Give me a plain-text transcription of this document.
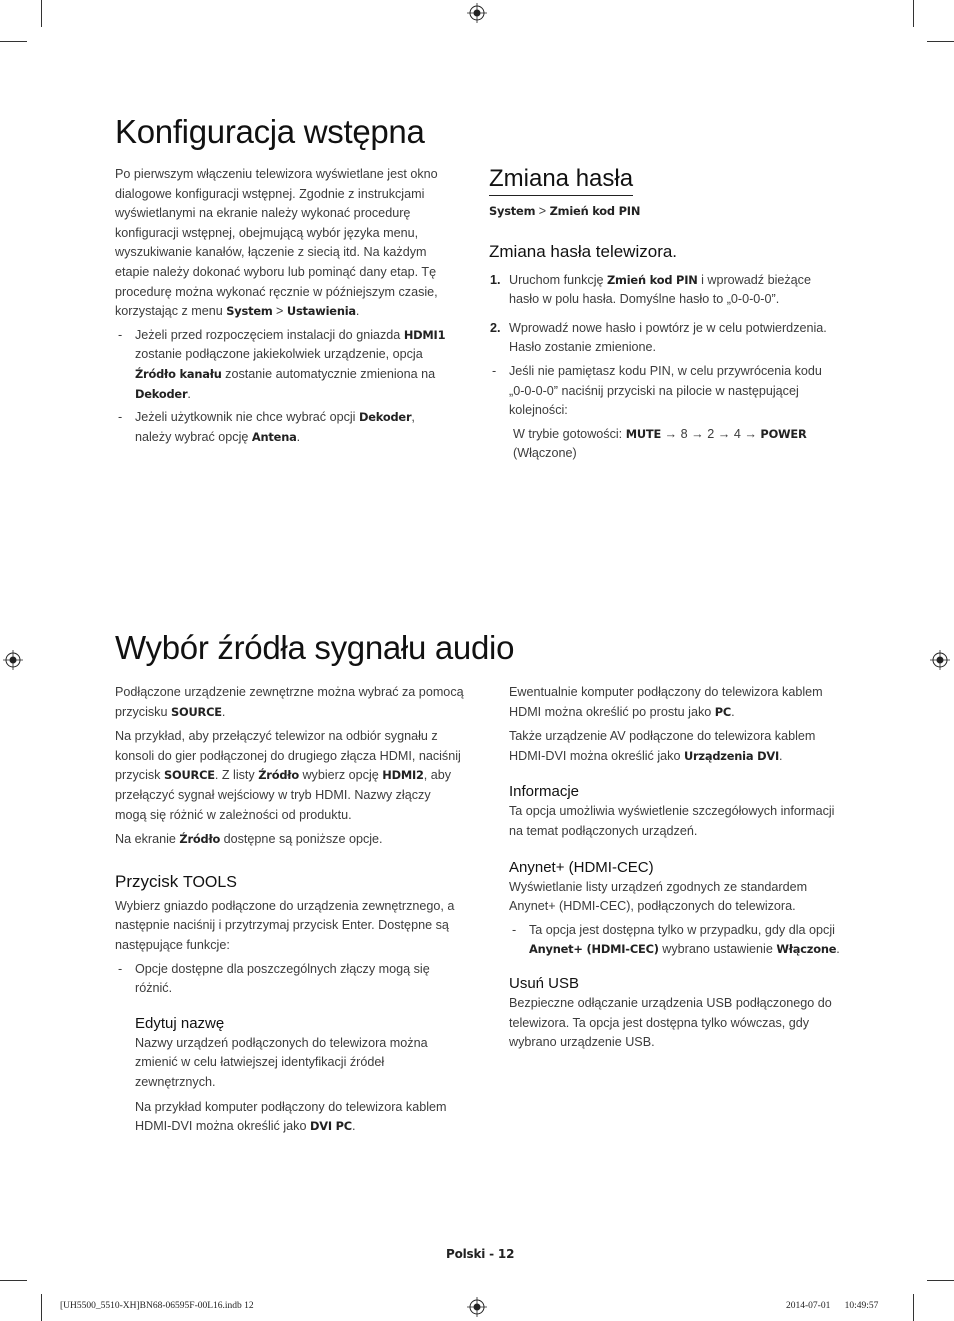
Konfiguracja wstępna

Po pierwszym włączeniu telewizora wyświetlane jest okno dialogowe konfiguracji wstępnej. Zgodnie z instrukcjami wyświetlanymi na ekranie należy wykonać procedurę konfiguracji wstępnej, obejmującą wybór języka menu, wyszukiwanie kanałów, łączenie z siecią itd. Na każdym etapie należy dokonać wyboru lub pominąć dany etap. Tę procedurę można wykonać ręcznie w późniejszym czasie, korzystając z menu System > Ustawienia.

- Jeżeli przed rozpoczęciem instalacji do gniazda HDMI1 zostanie podłączone jakiekolwiek urządzenie, opcja Źródło kanału zostanie automatycznie zmieniona na Dekoder.

- Jeżeli użytkownik nie chce wybrać opcji Dekoder, należy wybrać opcję Antena.

Zmiana hasła

System > Zmień kod PIN

Zmiana hasła telewizora.
1. Uruchom funkcję Zmień kod PIN i wprowadź bieżące hasło w polu hasła. Domyślne hasło to „0-0-0-0”.

2. Wprowadź nowe hasło i powtórz je w celu potwierdzenia. Hasło zostanie zmienione.

- Jeśli nie pamiętasz kodu PIN, w celu przywrócenia kodu „0-0-0-0” naciśnij przyciski na pilocie w następującej kolejności:

W trybie gotowości: MUTE → 8 → 2 → 4 → POWER (Włączone)

Wybór źródła sygnału audio

Podłączone urządzenie zewnętrzne można wybrać za pomocą przycisku SOURCE.

Na przykład, aby przełączyć telewizor na odbiór sygnału z konsoli do gier podłączonej do drugiego złącza HDMI, naciśnij przycisk SOURCE. Z listy Źródło wybierz opcję HDMI2, aby przełączyć sygnał wejściowy w tryb HDMI. Nazwy złączy mogą się różnić w zależności od produktu.

Na ekranie Źródło dostępne są poniższe opcje.

Przycisk TOOLS

Wybierz gniazdo podłączone do urządzenia zewnętrznego, a następnie naciśnij i przytrzymaj przycisk Enter. Dostępne są następujące funkcje:

- Opcje dostępne dla poszczególnych złączy mogą się różnić.

Edytuj nazwę

Nazwy urządzeń podłączonych do telewizora można zmienić w celu łatwiejszej identyfikacji źródeł zewnętrznych.

Na przykład komputer podłączony do telewizora kablem HDMI-DVI można określić jako DVI PC.

Ewentualnie komputer podłączony do telewizora kablem HDMI można określić po prostu jako PC.

Także urządzenie AV podłączone do telewizora kablem HDMI-DVI można określić jako Urządzenia DVI.

Informacje

Ta opcja umożliwia wyświetlenie szczegółowych informacji na temat podłączonych urządzeń.

Anynet+ (HDMI-CEC)

Wyświetlanie listy urządzeń zgodnych ze standardem Anynet+ (HDMI-CEC), podłączonych do telewizora.

- Ta opcja jest dostępna tylko w przypadku, gdy dla opcji Anynet+ (HDMI-CEC) wybrano ustawienie Włączone.

Usuń USB

Bezpieczne odłączanie urządzenia USB podłączonego do telewizora. Ta opcja jest dostępna tylko wówczas, gdy wybrano urządzenie USB.

Polski - 12
[UH5500_5510-XH]BN68-06595F-00L16.indb 12	2014-07-01   10:49:57
